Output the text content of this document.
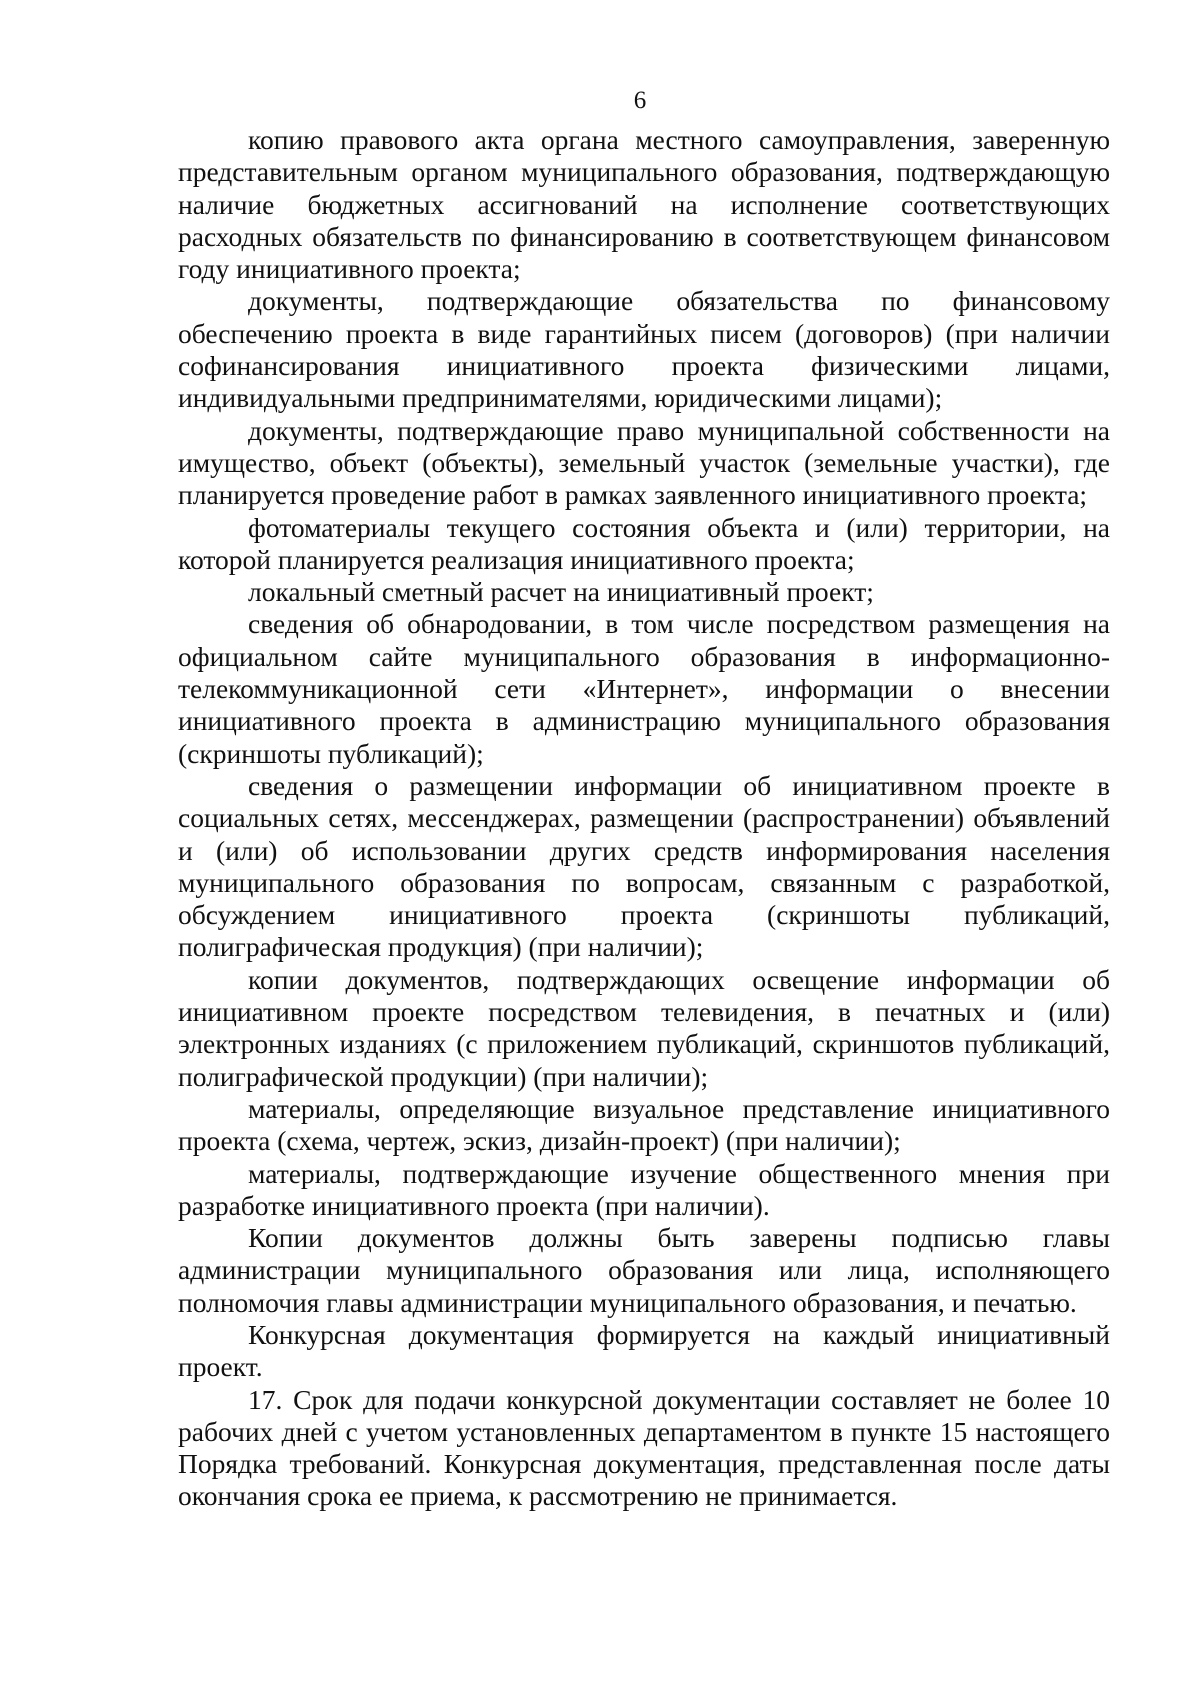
6

копию правового акта органа местного самоуправления, заверенную представительным органом муниципального образования, подтверждающую наличие бюджетных ассигнований на исполнение соответствующих расходных обязательств по финансированию в соответствующем финансовом году инициативного проекта;

документы, подтверждающие обязательства по финансовому обеспечению проекта в виде гарантийных писем (договоров) (при наличии софинансирования инициативного проекта физическими лицами, индивидуальными предпринимателями, юридическими лицами);

документы, подтверждающие право муниципальной собственности на имущество, объект (объекты), земельный участок (земельные участки), где планируется проведение работ в рамках заявленного инициативного проекта;

фотоматериалы текущего состояния объекта и (или) территории, на которой планируется реализация инициативного проекта;

локальный сметный расчет на инициативный проект;

сведения об обнародовании, в том числе посредством размещения на официальном сайте муниципального образования в информационно-телекоммуникационной сети «Интернет», информации о внесении инициативного проекта в администрацию муниципального образования (скриншоты публикаций);

сведения о размещении информации об инициативном проекте в социальных сетях, мессенджерах, размещении (распространении) объявлений и (или) об использовании других средств информирования населения муниципального образования по вопросам, связанным с разработкой, обсуждением инициативного проекта (скриншоты публикаций, полиграфическая продукция) (при наличии);

копии документов, подтверждающих освещение информации об инициативном проекте посредством телевидения, в печатных и (или) электронных изданиях (с приложением публикаций, скриншотов публикаций, полиграфической продукции) (при наличии);

материалы, определяющие визуальное представление инициативного проекта (схема, чертеж, эскиз, дизайн-проект) (при наличии);

материалы, подтверждающие изучение общественного мнения при разработке инициативного проекта (при наличии).

Копии документов должны быть заверены подписью главы администрации муниципального образования или лица, исполняющего полномочия главы администрации муниципального образования, и печатью.

Конкурсная документация формируется на каждый инициативный проект.

17. Срок для подачи конкурсной документации составляет не более 10 рабочих дней с учетом установленных департаментом в пункте 15 настоящего Порядка требований. Конкурсная документация, представленная после даты окончания срока ее приема, к рассмотрению не принимается.
